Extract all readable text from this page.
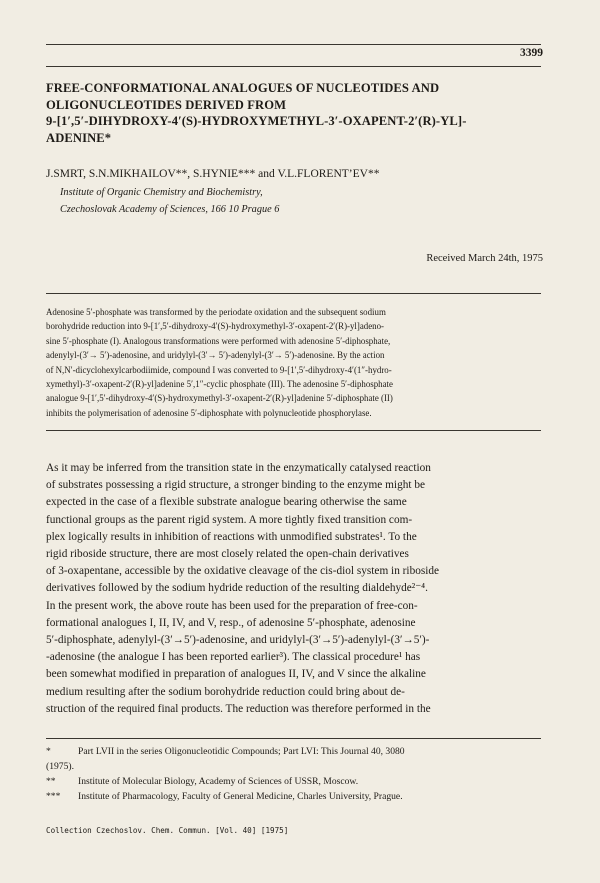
3399
FREE-CONFORMATIONAL ANALOGUES OF NUCLEOTIDES AND
OLIGONUCLEOTIDES DERIVED FROM
9-[1′,5′-DIHYDROXY-4′(S)-HYDROXYMETHYL-3′-OXAPENT-2′(R)-YL]-
ADENINE*
J.SMRT, S.N.MIKHAILOV**, S.HYNIE*** and V.L.FLORENT’EV**
Institute of Organic Chemistry and Biochemistry,
Czechoslovak Academy of Sciences, 166 10 Prague 6
Received March 24th, 1975
Adenosine 5′-phosphate was transformed by the periodate oxidation and the subsequent sodium
borohydride reduction into 9-[1′,5′-dihydroxy-4′(S)-hydroxymethyl-3′-oxapent-2′(R)-yl]adeno-
sine 5′-phosphate (I). Analogous transformations were performed with adenosine 5′-diphosphate,
adenylyl-(3′→ 5′)-adenosine, and uridylyl-(3′→ 5′)-adenylyl-(3′→ 5′)-adenosine. By the action
of N,N′-dicyclohexylcarbodiimide, compound I was converted to 9-[1′,5′-dihydroxy-4′(1″-hydro-
xymethyl)-3′-oxapent-2′(R)-yl]adenine 5′,1″-cyclic phosphate (III). The adenosine 5′-diphosphate
analogue 9-[1′,5′-dihydroxy-4′(S)-hydroxymethyl-3′-oxapent-2′(R)-yl]adenine 5′-diphosphate (II)
inhibits the polymerisation of adenosine 5′-diphosphate with polynucleotide phosphorylase.
As it may be inferred from the transition state in the enzymatically catalysed reaction
of substrates possessing a rigid structure, a stronger binding to the enzyme might be
expected in the case of a flexible substrate analogue bearing otherwise the same
functional groups as the parent rigid system. A more tightly fixed transition com-
plex logically results in inhibition of reactions with unmodified substrates¹. To the
rigid riboside structure, there are most closely related the open-chain derivatives
of 3-oxapentane, accessible by the oxidative cleavage of the cis-diol system in riboside
derivatives followed by the sodium hydride reduction of the resulting dialdehyde²⁻⁴.
In the present work, the above route has been used for the preparation of free-con-
formational analogues I, II, IV, and V, resp., of adenosine 5′-phosphate, adenosine
5′-diphosphate, adenylyl-(3′→5′)-adenosine, and uridylyl-(3′→5′)-adenylyl-(3′→5′)-
-adenosine (the analogue I has been reported earlier³). The classical procedure¹ has
been somewhat modified in preparation of analogues II, IV, and V since the alkaline
medium resulting after the sodium borohydride reduction could bring about de-
struction of the required final products. The reduction was therefore performed in the
*	Part LVII in the series Oligonucleotidic Compounds; Part LVI: This Journal 40, 3080
(1975).
** Institute of Molecular Biology, Academy of Sciences of USSR, Moscow.
*** Institute of Pharmacology, Faculty of General Medicine, Charles University, Prague.
Collection Czechoslov. Chem. Commun. [Vol. 40] [1975]
